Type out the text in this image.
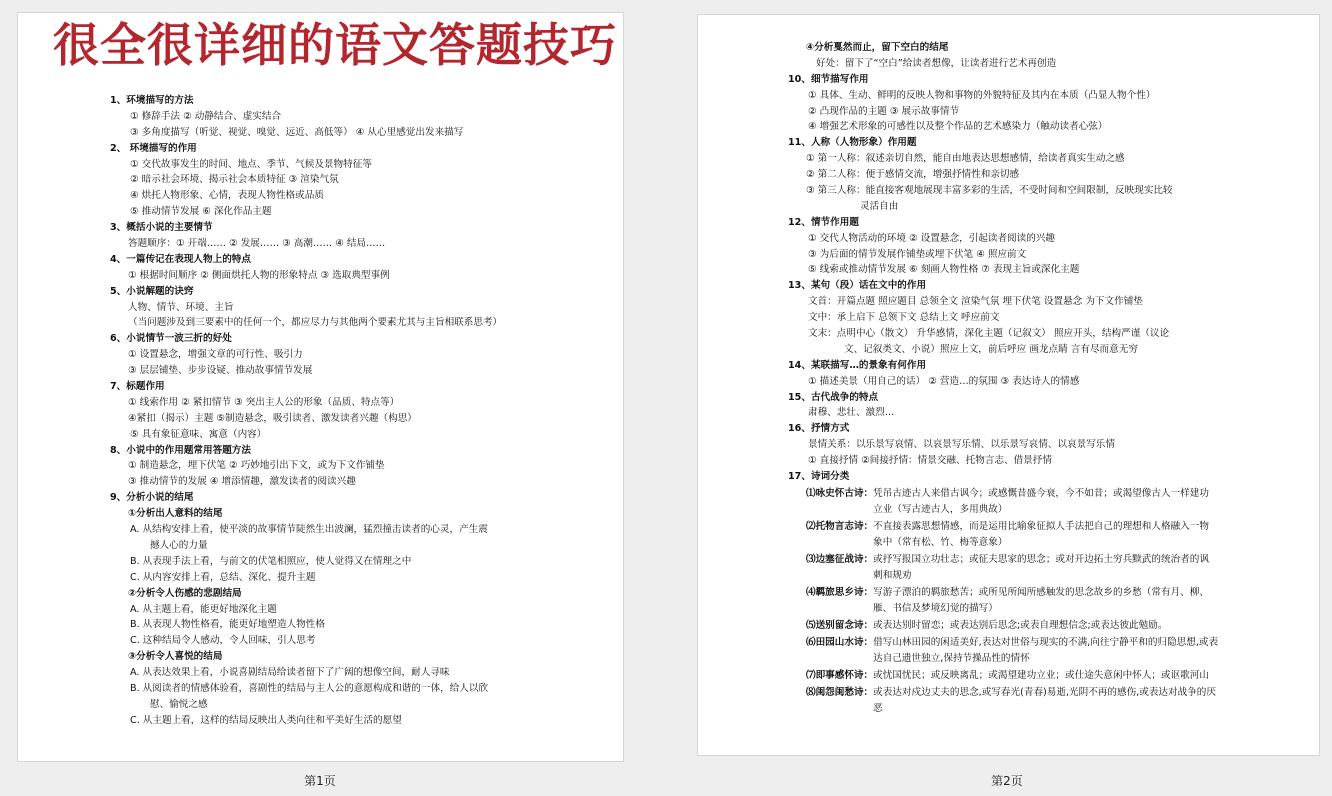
很全很详细的语文答题技巧
1、环境描写的方法
① 修辞手法 ② 动静结合、虚实结合
③ 多角度描写（听觉、视觉、嗅觉、远近、高低等） ④ 从心里感觉出发来描写
2、 环境描写的作用
① 交代故事发生的时间、地点、季节、气候及景物特征等
② 暗示社会环境、揭示社会本质特征 ③ 渲染气氛
④ 烘托人物形象、心情，表现人物性格或品质
⑤ 推动情节发展 ⑥ 深化作品主题
3、概括小说的主要情节
答题顺序：① 开端…… ② 发展…… ③ 高潮…… ④ 结局……
4、一篇传记在表现人物上的特点
① 根据时间顺序 ② 侧面烘托人物的形象特点 ③ 选取典型事例
5、小说解题的诀窍
人物、情节、环境、主旨
（当问题涉及到三要素中的任何一个，都应尽力与其他两个要素尤其与主旨相联系思考）
6、小说情节一波三折的好处
① 设置悬念，增强文章的可行性、吸引力
③ 层层铺垫、步步设疑、推动故事情节发展
7、标题作用
① 线索作用 ② 紧扣情节 ③ 突出主人公的形象（品质、特点等）
④紧扣（揭示）主题 ⑤制造悬念，吸引读者、激发读者兴趣（构思）
⑤ 具有象征意味、寓意（内容）
8、小说中的作用题常用答题方法
① 制造悬念，埋下伏笔 ② 巧妙地引出下文，或为下文作铺垫
③ 推动情节的发展 ④ 增添情趣，激发读者的阅读兴趣
9、分析小说的结尾
①分析出人意料的结尾
A. 从结构安排上看，使平淡的故事情节陡然生出波澜，猛烈撞击读者的心灵，产生震
撼人心的力量
B. 从表现手法上看，与前文的伏笔相照应，使人觉得又在情理之中
C. 从内容安排上看，总结、深化、提升主题
②分析令人伤感的悲剧结局
A. 从主题上看，能更好地深化主题
B. 从表现人物性格看，能更好地塑造人物性格
C. 这种结局令人感动，令人回味，引人思考
③分析令人喜悦的结局
A. 从表达效果上看，小说喜剧结局给读者留下了广阔的想像空间，耐人寻味
B. 从阅读者的情感体验看，喜剧性的结局与主人公的意愿构成和谐的一体，给人以欣
慰、愉悦之感
C. 从主题上看，这样的结局反映出人类向往和平美好生活的愿望
第1页
④分析戛然而止，留下空白的结尾
好处：留下了“空白”给读者想像，让读者进行艺术再创造
10、细节描写作用
① 具体、生动、鲜明的反映人物和事物的外貌特征及其内在本质（凸显人物个性）
② 凸现作品的主题 ③ 展示故事情节
④ 增强艺术形象的可感性以及整个作品的艺术感染力（触动读者心弦）
11、人称（人物形象）作用题
① 第一人称：叙述亲切自然，能自由地表达思想感情，给读者真实生动之感
② 第二人称：便于感情交流，增强抒情性和亲切感
③ 第三人称：能直接客观地展现丰富多彩的生活，不受时间和空间限制，反映现实比较
灵活自由
12、情节作用题
① 交代人物活动的环境 ② 设置悬念，引起读者阅读的兴趣
③ 为后面的情节发展作铺垫或埋下伏笔 ④ 照应前文
⑤ 线索或推动情节发展 ⑥ 刻画人物性格 ⑦ 表现主旨或深化主题
13、某句（段）话在文中的作用
文首：开篇点题 照应题目 总领全文 渲染气氛 埋下伏笔 设置悬念 为下文作铺垫
文中：承上启下 总领下文 总结上文 呼应前文
文末：点明中心（散文） 升华感情，深化主题（记叙文） 照应开头，结构严谨（议论
文、记叙类文、小说）照应上文，前后呼应 画龙点睛 言有尽而意无穷
14、某联描写…的景象有何作用
① 描述美景（用自己的话） ② 营造…的氛围 ③ 表达诗人的情感
15、古代战争的特点
肃穆、悲壮、激烈…
16、抒情方式
景情关系：以乐景写哀情、以哀景写乐情、以乐景写哀情、以哀景写乐情
① 直接抒情 ②间接抒情：情景交融、托物言志、借景抒情
17、诗词分类
⑴咏史怀古诗： 凭吊古迹古人来借古讽今；或感慨昔盛今衰，今不如昔；或渴望像古人一样建功立业（写古迹古人，多用典故）
⑵托物言志诗： 不直接表露思想情感，而是运用比喻象征拟人手法把自己的理想和人格融入一物象中（常有松、竹、梅等意象）
⑶边塞征战诗： 或抒写报国立功壮志；或征夫思家的思念；或对开边拓土穷兵黩武的统治者的讽刺和规劝
⑷羁旅思乡诗： 写游子漂泊的羁旅愁苦；或所见所闻所感触发的思念故乡的乡愁（常有月、柳、雁、书信及梦境幻觉的描写）
⑸送别留念诗： 或表达别时留恋；或表达别后思念;或表自理想信念;或表达彼此勉励。
⑹田园山水诗： 借写山林田园的闲适美好,表达对世俗与现实的不满,向往宁静平和的归隐思想,或表达自己遗世独立,保持节操品性的情怀
⑺即事感怀诗： 或忧国忧民；或反映离乱；或渴望建功立业；或仕途失意闲中怀人；或讴歌河山
⑻闺怨闺愁诗： 或表达对戍边丈夫的思念,或写春光(青春)易逝,光阴不再的感伤,或表达对战争的厌恶
第2页
